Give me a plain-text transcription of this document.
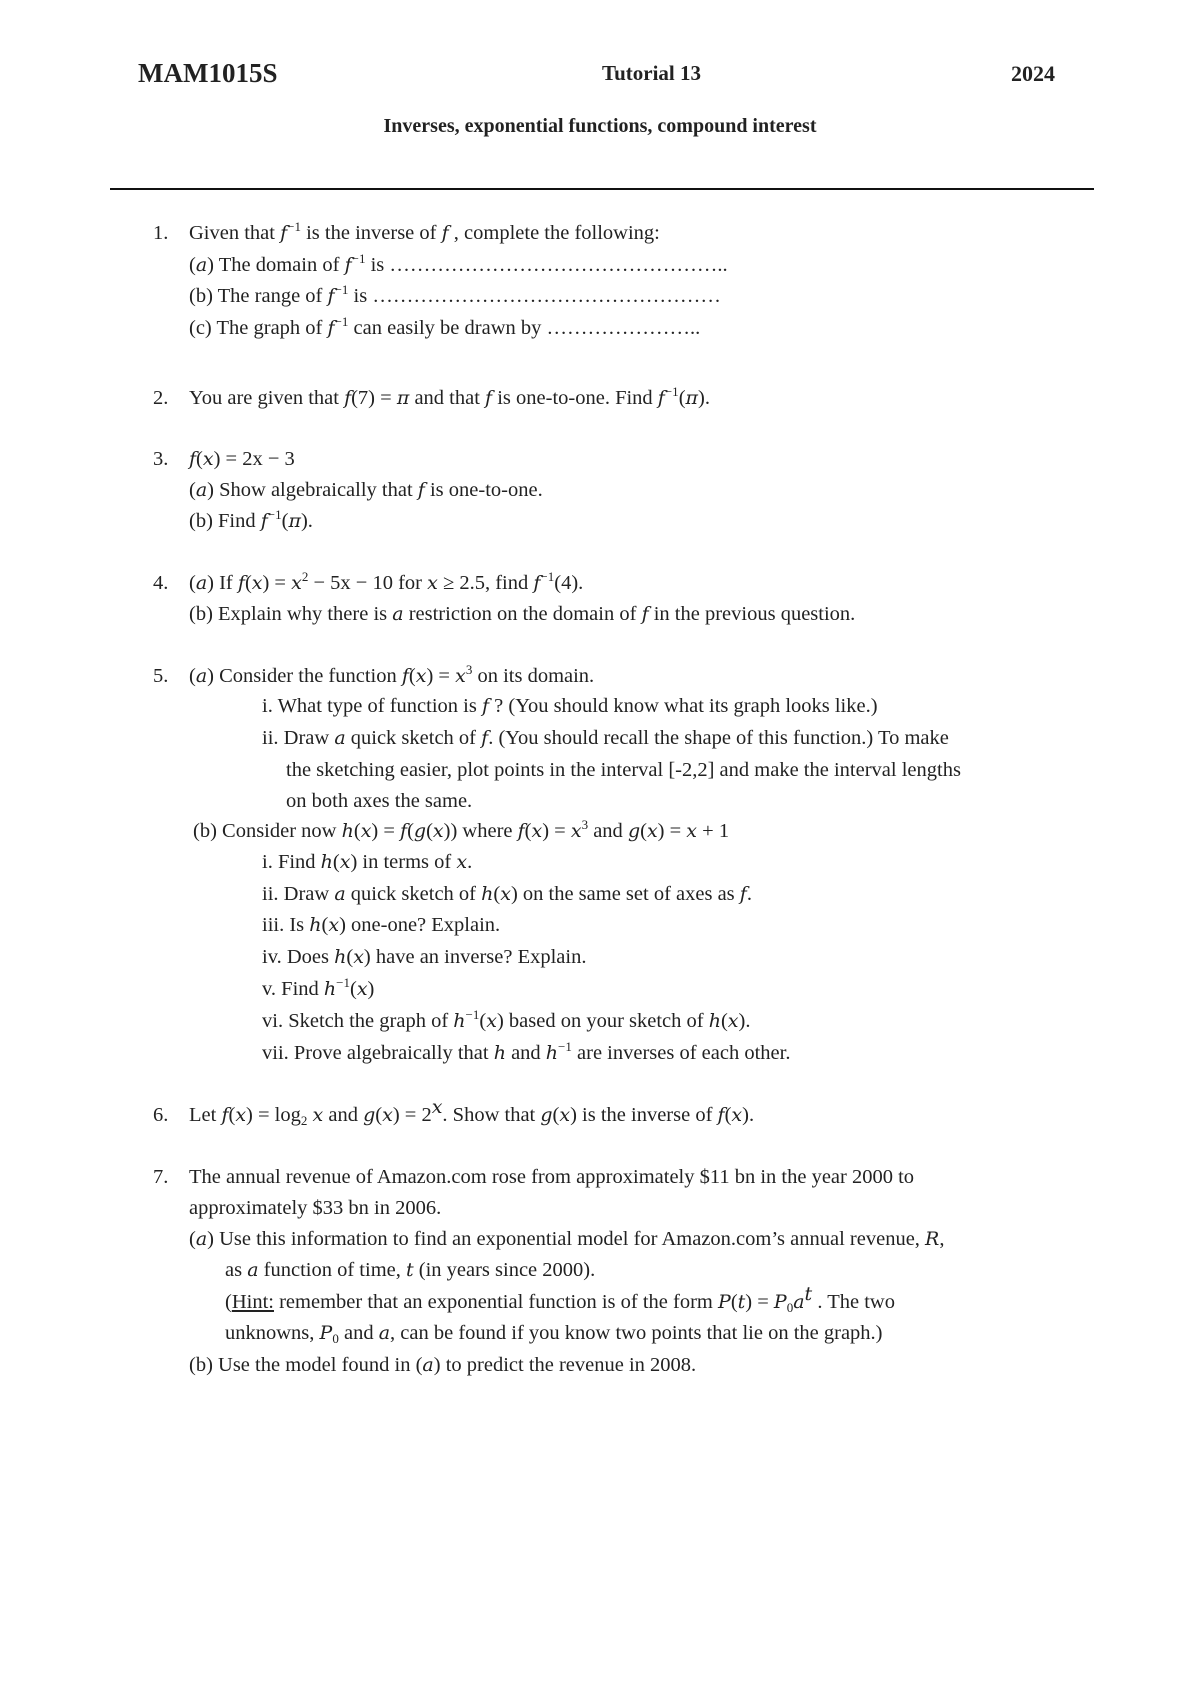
MAM1015S	Tutorial 13	2024
Inverses, exponential functions, compound interest
1. Given that $f^{-1}$ is the inverse of f , complete the following:
(a) The domain of $f^{-1}$ is …………………………………………..
(b) The range of $f^{-1}$ is ……………………………………………
(c) The graph of $f^{-1}$ can easily be drawn by …………………..
2. You are given that f(7) = π and that f is one-to-one. Find $f^{-1}(\pi)$.
3. f(x) = 2x − 3
(a) Show algebraically that f is one-to-one.
(b) Find $f^{-1}(\pi)$.
4. (a) If $f(x) = x^2 - 5x - 10$ for x ≥ 2.5, find $f^{-1}(4)$.
(b) Explain why there is a restriction on the domain of f in the previous question.
5. (a) Consider the function $f(x) = x^3$ on its domain.
i. What type of function is f ? (You should know what its graph looks like.)
ii. Draw a quick sketch of f. (You should recall the shape of this function.) To make
the sketching easier, plot points in the interval [-2,2] and make the interval lengths
on both axes the same.
(b) Consider now h(x) = f(g(x)) where $f(x) = x^3$ and g(x) = x + 1
i. Find h(x) in terms of x.
ii. Draw a quick sketch of h(x) on the same set of axes as f.
iii. Is h(x) one-one? Explain.
iv. Does h(x) have an inverse? Explain.
v. Find $h^{-1}(x)$
vi. Sketch the graph of $h^{-1}(x)$ based on your sketch of h(x).
vii. Prove algebraically that h and $h^{-1}$ are inverses of each other.
6. Let $f(x) = \log_2 x$ and $g(x) = 2^x$. Show that g(x) is the inverse of f(x).
7. The annual revenue of Amazon.com rose from approximately $11 bn in the year 2000 to
approximately $33 bn in 2006.
(a) Use this information to find an exponential model for Amazon.com’s annual revenue, R,
as a function of time, t (in years since 2000).
(Hint: remember that an exponential function is of the form $P(t) = P_0a^t$ . The two
unknowns, $P_0$ and a, can be found if you know two points that lie on the graph.)
(b) Use the model found in (a) to predict the revenue in 2008.
